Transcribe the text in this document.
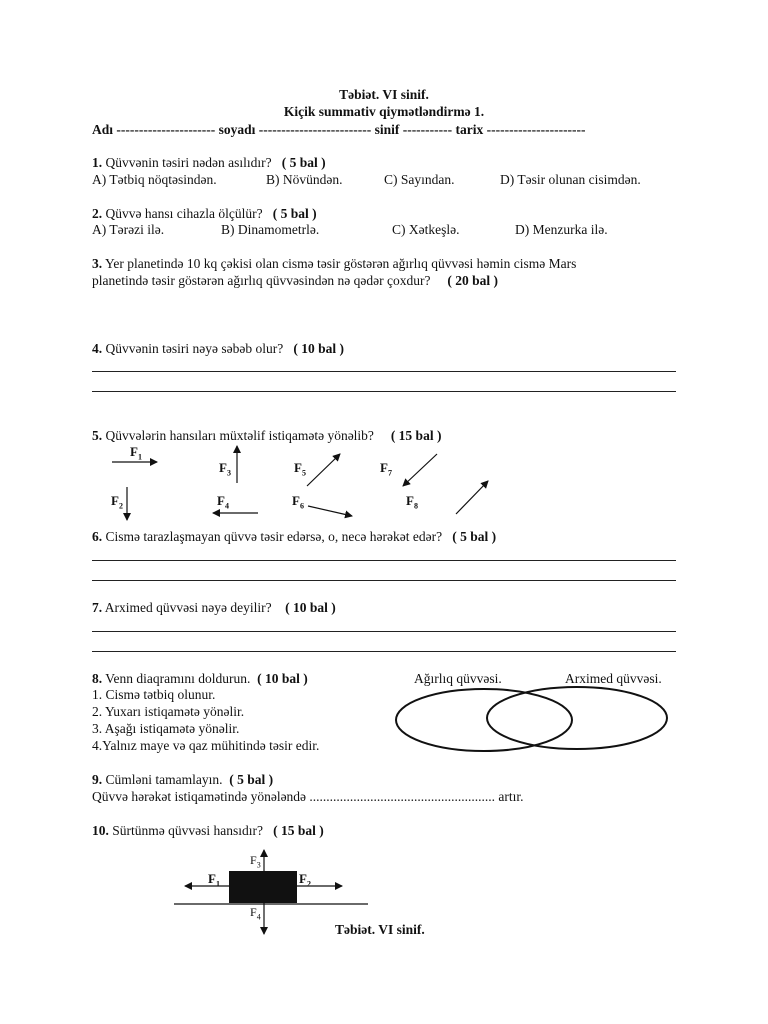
Təbiət. VI sinif.
Kiçik summativ qiymətləndirmə 1.
Adı ---------------------- soyadı ------------------------- sinif ----------- tarix ----------------------
1. Qüvvənin təsiri nədən asılıdır? ( 5 bal )
A) Tətbiq nöqtəsindən.	B) Növündən.	C) Sayından.	D) Təsir olunan cisimdən.
2. Qüvvə hansı cihazla ölçülür? ( 5 bal )
A) Tərəzi ilə.	B) Dinamometrlə.	C) Xətkeşlə.	D) Menzurka ilə.
3. Yer planetində 10 kq çəkisi olan cismə təsir göstərən ağırlıq qüvvəsi həmin cismə Mars
planetində təsir göstərən ağırlıq qüvvəsindən nə qədər çoxdur? ( 20 bal )
4. Qüvvənin təsiri nəyə səbəb olur? ( 10 bal )
5. Qüvvələrin hansıları müxtəlif istiqamətə yönəlib? ( 15 bal )
$F_1$
$F_2$
$F_3$
$F_4$
$F_5$
$F_6$
$F_7$
$F_8$
6. Cismə tarazlaşmayan qüvvə təsir edərsə, o, necə hərəkət edər? ( 5 bal )
7. Arximed qüvvəsi nəyə deyilir? ( 10 bal )
8. Venn diaqramını doldurun. ( 10 bal )
1. Cismə tətbiq olunur.
2. Yuxarı istiqamətə yönəlir.
3. Aşağı istiqamətə yönəlir.
4.Yalnız maye və qaz mühitində təsir edir.
Ağırlıq qüvvəsi.	Arximed qüvvəsi.
9. Cümləni tamamlayın. ( 5 bal )
Qüvvə hərəkət istiqamətində yönələndə ....................................................... artır.
10. Sürtünmə qüvvəsi hansıdır? ( 15 bal )
$F_1$	$F_2$
$F_3$
$F_4$
Təbiət. VI sinif.
